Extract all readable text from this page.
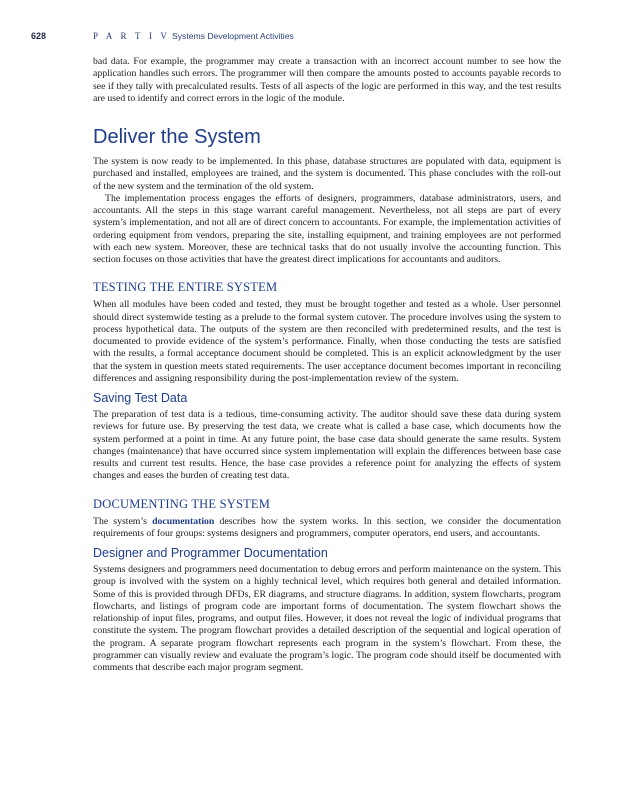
628	P A R T I V Systems Development Activities

bad data. For example, the programmer may create a transaction with an incorrect account number to see how the application handles such errors. The programmer will then compare the amounts posted to accounts payable records to see if they tally with precalculated results. Tests of all aspects of the logic are performed in this way, and the test results are used to identify and correct errors in the logic of the module.

Deliver the System

The system is now ready to be implemented. In this phase, database structures are populated with data, equipment is purchased and installed, employees are trained, and the system is documented. This phase concludes with the roll-out of the new system and the termination of the old system.

The implementation process engages the efforts of designers, programmers, database administrators, users, and accountants. All the steps in this stage warrant careful management. Nevertheless, not all steps are part of every system’s implementation, and not all are of direct concern to accountants. For example, the implementation activities of ordering equipment from vendors, preparing the site, installing equipment, and training employees are not performed with each new system. Moreover, these are technical tasks that do not usually involve the accounting function. This section focuses on those activities that have the greatest direct implications for accountants and auditors.

TESTING THE ENTIRE SYSTEM

When all modules have been coded and tested, they must be brought together and tested as a whole. User personnel should direct systemwide testing as a prelude to the formal system cutover. The procedure involves using the system to process hypothetical data. The outputs of the system are then reconciled with predetermined results, and the test is documented to provide evidence of the system’s performance. Finally, when those conducting the tests are satisfied with the results, a formal acceptance document should be completed. This is an explicit acknowledgment by the user that the system in question meets stated requirements. The user acceptance document becomes important in reconciling differences and assigning responsibility during the post-implementation review of the system.

Saving Test Data

The preparation of test data is a tedious, time-consuming activity. The auditor should save these data during system reviews for future use. By preserving the test data, we create what is called a base case, which documents how the system performed at a point in time. At any future point, the base case data should generate the same results. System changes (maintenance) that have occurred since system implementation will explain the differences between base case results and current test results. Hence, the base case provides a reference point for analyzing the effects of system changes and eases the burden of creating test data.

DOCUMENTING THE SYSTEM

The system’s documentation describes how the system works. In this section, we consider the documentation requirements of four groups: systems designers and programmers, computer operators, end users, and accountants.

Designer and Programmer Documentation

Systems designers and programmers need documentation to debug errors and perform maintenance on the system. This group is involved with the system on a highly technical level, which requires both general and detailed information. Some of this is provided through DFDs, ER diagrams, and structure diagrams. In addition, system flowcharts, program flowcharts, and listings of program code are important forms of documentation. The system flowchart shows the relationship of input files, programs, and output files. However, it does not reveal the logic of individual programs that constitute the system. The program flowchart provides a detailed description of the sequential and logical operation of the program. A separate program flowchart represents each program in the system’s flowchart. From these, the programmer can visually review and evaluate the program’s logic. The program code should itself be documented with comments that describe each major program segment.
